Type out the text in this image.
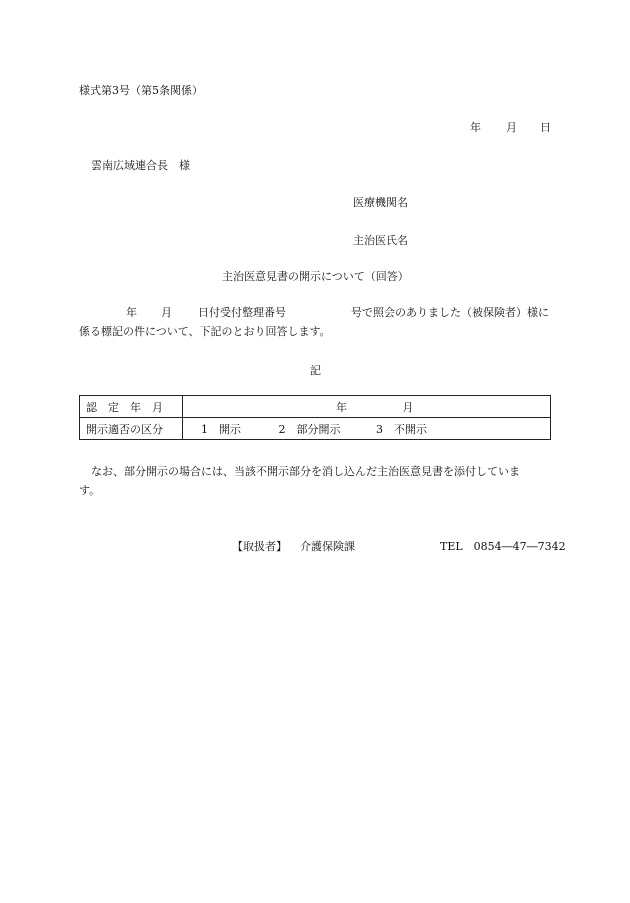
様式第3号（第5条関係）
年 月 日
雲南広域連合長　様
医療機関名
主治医氏名
主治医意見書の開示について（回答）
年 月 日付受付整理番号	号で照会のありました（被保険者）様に
係る標記の件について、下記のとおり回答します。
記
認　定　年　月	年 月
開示適否の区分	1　開示 2　部分開示 3　不開示
なお、部分開示の場合には、当該不開示部分を消し込んだ主治医意見書を添付していま
す。
【取扱者】 介護保険課	TEL　0854―47―7342
